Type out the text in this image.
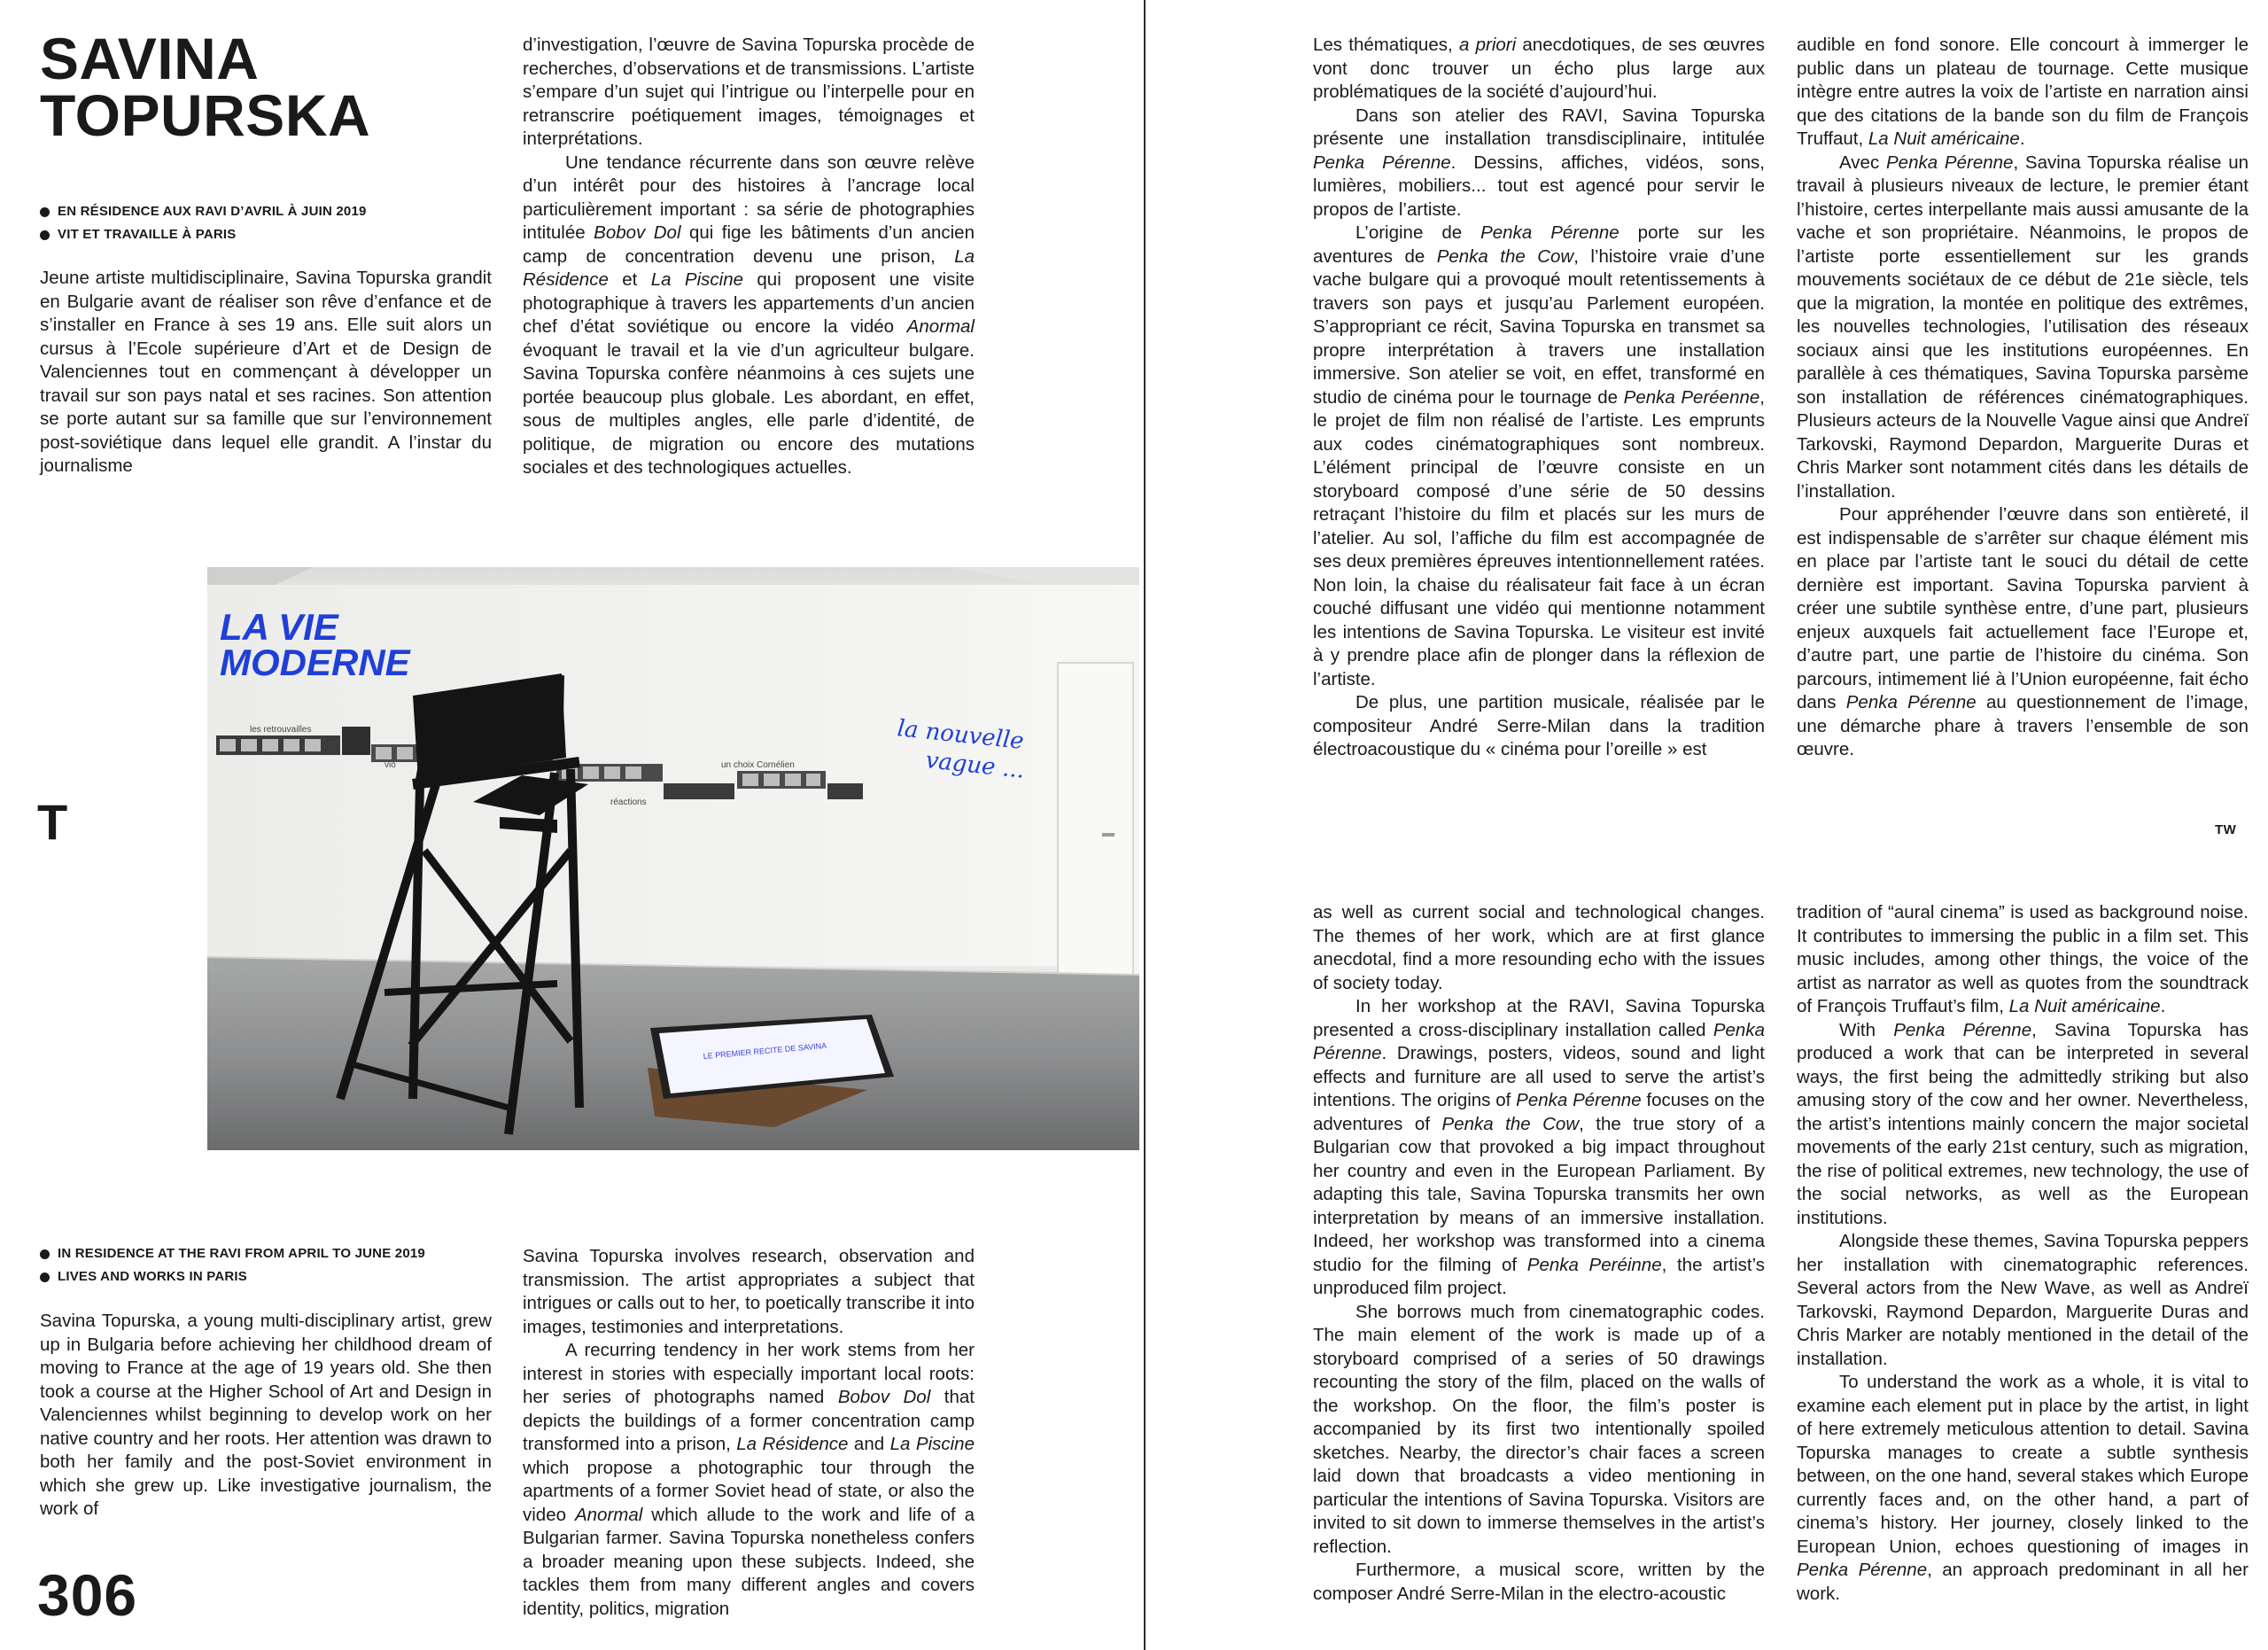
SAVINA
TOPURSKA
EN RÉSIDENCE AUX RAVI D’AVRIL À JUIN 2019
VIT ET TRAVAILLE À PARIS

Jeune artiste multidisciplinaire, Savina Topurska grandit en Bulgarie avant de réaliser son rêve d’enfance et de s’installer en France à ses 19 ans. Elle suit alors un cursus à l’Ecole supérieure d’Art et de Design de Valenciennes tout en commençant à développer un travail sur son pays natal et ses racines. Son attention se porte autant sur sa famille que sur l’environnement post-soviétique dans lequel elle grandit. A l’instar du journalisme

d’investigation, l’œuvre de Savina Topurska procède de recherches, d’observations et de transmissions. L’artiste s’empare d’un sujet qui l’intrigue ou l’interpelle pour en retranscrire poétiquement images, témoignages et interprétations.

Une tendance récurrente dans son œuvre relève d’un intérêt pour des histoires à l’ancrage local particulièrement important : sa série de photographies intitulée Bobov Dol qui fige les bâtiments d’un ancien camp de concentration devenu une prison, La Résidence et La Piscine qui proposent une visite photographique à travers les appartements d’un ancien chef d’état soviétique ou encore la vidéo Anormal évoquant le travail et la vie d’un agriculteur bulgare. Savina Topurska confère néanmoins à ces sujets une portée beaucoup plus globale. Les abordant, en effet, sous de multiples angles, elle parle d’identité, de politique, de migration ou encore des mutations sociales et des technologiques actuelles.

T
LA VIE
MODERNE
les retrouvailles
vio	un choix Cornélien
réactions
la nouvelle
vague ...
LE PREMIER RECITE DE SAVINA
IN RESIDENCE AT THE RAVI FROM APRIL TO JUNE 2019
LIVES AND WORKS IN PARIS

Savina Topurska, a young multi-disciplinary artist, grew up in Bulgaria before achieving her childhood dream of moving to France at the age of 19 years old. She then took a course at the Higher School of Art and Design in Valenciennes whilst beginning to develop work on her native country and her roots. Her attention was drawn to both her family and the post-Soviet environment in which she grew up. Like investigative journalism, the work of

Savina Topurska involves research, observation and transmission. The artist appropriates a subject that intrigues or calls out to her, to poetically transcribe it into images, testimonies and interpretations.

A recurring tendency in her work stems from her interest in stories with especially important local roots: her series of photographs named Bobov Dol that depicts the buildings of a former concentration camp transformed into a prison, La Résidence and La Piscine which propose a photographic tour through the apartments of a former Soviet head of state, or also the video Anormal which allude to the work and life of a Bulgarian farmer. Savina Topurska nonetheless confers a broader meaning upon these subjects. Indeed, she tackles them from many different angles and covers identity, politics, migration

306

Les thématiques, a priori anecdotiques, de ses œuvres vont donc trouver un écho plus large aux problématiques de la société d’aujourd’hui.

Dans son atelier des RAVI, Savina Topurska présente une installation transdisciplinaire, intitulée Penka Pérenne. Dessins, affiches, vidéos, sons, lumières, mobiliers... tout est agencé pour servir le propos de l’artiste.

L’origine de Penka Pérenne porte sur les aventures de Penka the Cow, l’histoire vraie d’une vache bulgare qui a provoqué moult retentissements à travers son pays et jusqu’au Parlement européen. S’appropriant ce récit, Savina Topurska en transmet sa propre interprétation à travers une installation immersive. Son atelier se voit, en effet, transformé en studio de cinéma pour le tournage de Penka Peréenne, le projet de film non réalisé de l’artiste. Les emprunts aux codes cinématographiques sont nombreux. L’élément principal de l’œuvre consiste en un storyboard composé d’une série de 50 dessins retraçant l’histoire du film et placés sur les murs de l’atelier. Au sol, l’affiche du film est accompagnée de ses deux premières épreuves intentionnellement ratées. Non loin, la chaise du réalisateur fait face à un écran couché diffusant une vidéo qui mentionne notamment les intentions de Savina Topurska. Le visiteur est invité à y prendre place afin de plonger dans la réflexion de l’artiste.

De plus, une partition musicale, réalisée par le compositeur André Serre-Milan dans la tradition électroacoustique du « cinéma pour l’oreille » est

audible en fond sonore. Elle concourt à immerger le public dans un plateau de tournage. Cette musique intègre entre autres la voix de l’artiste en narration ainsi que des citations de la bande son du film de François Truffaut, La Nuit américaine.

Avec Penka Pérenne, Savina Topurska réalise un travail à plusieurs niveaux de lecture, le premier étant l’histoire, certes interpellante mais aussi amusante de la vache et son propriétaire. Néanmoins, le propos de l’artiste porte essentiellement sur les grands mouvements sociétaux de ce début de 21e siècle, tels que la migration, la montée en politique des extrêmes, les nouvelles technologies, l’utilisation des réseaux sociaux ainsi que les institutions européennes. En parallèle à ces thématiques, Savina Topurska parsème son installation de références cinématographiques. Plusieurs acteurs de la Nouvelle Vague ainsi que Andreï Tarkovski, Raymond Depardon, Marguerite Duras et Chris Marker sont notamment cités dans les détails de l’installation.

Pour appréhender l’œuvre dans son entièreté, il est indispensable de s’arrêter sur chaque élément mis en place par l’artiste tant le souci du détail de cette dernière est important. Savina Topurska parvient à créer une subtile synthèse entre, d’une part, plusieurs enjeux auxquels fait actuellement face l’Europe et, d’autre part, une partie de l’histoire du cinéma. Son parcours, intimement lié à l’Union européenne, fait écho dans Penka Pérenne au questionnement de l’image, une démarche phare à travers l’ensemble de son œuvre.

TW

as well as current social and technological changes. The themes of her work, which are at first glance anecdotal, find a more resounding echo with the issues of society today.

In her workshop at the RAVI, Savina Topurska presented a cross-disciplinary installation called Penka Pérenne. Drawings, posters, videos, sound and light effects and furniture are all used to serve the artist’s intentions. The origins of Penka Pérenne focuses on the adventures of Penka the Cow, the true story of a Bulgarian cow that provoked a big impact throughout her country and even in the European Parliament. By adapting this tale, Savina Topurska transmits her own interpretation by means of an immersive installation. Indeed, her workshop was transformed into a cinema studio for the filming of Penka Peréinne, the artist’s unproduced film project.

She borrows much from cinematographic codes. The main element of the work is made up of a storyboard comprised of a series of 50 drawings recounting the story of the film, placed on the walls of the workshop. On the floor, the film’s poster is accompanied by its first two intentionally spoiled sketches. Nearby, the director’s chair faces a screen laid down that broadcasts a video mentioning in particular the intentions of Savina Topurska. Visitors are invited to sit down to immerse themselves in the artist’s reflection.

Furthermore, a musical score, written by the composer André Serre-Milan in the electro-acoustic

tradition of “aural cinema” is used as background noise. It contributes to immersing the public in a film set. This music includes, among other things, the voice of the artist as narrator as well as quotes from the soundtrack of François Truffaut’s film, La Nuit américaine.

With Penka Pérenne, Savina Topurska has produced a work that can be interpreted in several ways, the first being the admittedly striking but also amusing story of the cow and her owner. Nevertheless, the artist’s intentions mainly concern the major societal movements of the early 21st century, such as migration, the rise of political extremes, new technology, the use of the social networks, as well as the European institutions.

Alongside these themes, Savina Topurska peppers her installation with cinematographic references. Several actors from the New Wave, as well as Andreï Tarkovski, Raymond Depardon, Marguerite Duras and Chris Marker are notably mentioned in the detail of the installation.

To understand the work as a whole, it is vital to examine each element put in place by the artist, in light of here extremely meticulous attention to detail. Savina Topurska manages to create a subtle synthesis between, on the one hand, several stakes which Europe currently faces and, on the other hand, a part of cinema’s history. Her journey, closely linked to the European Union, echoes questioning of images in Penka Pérenne, an approach predominant in all her work.
